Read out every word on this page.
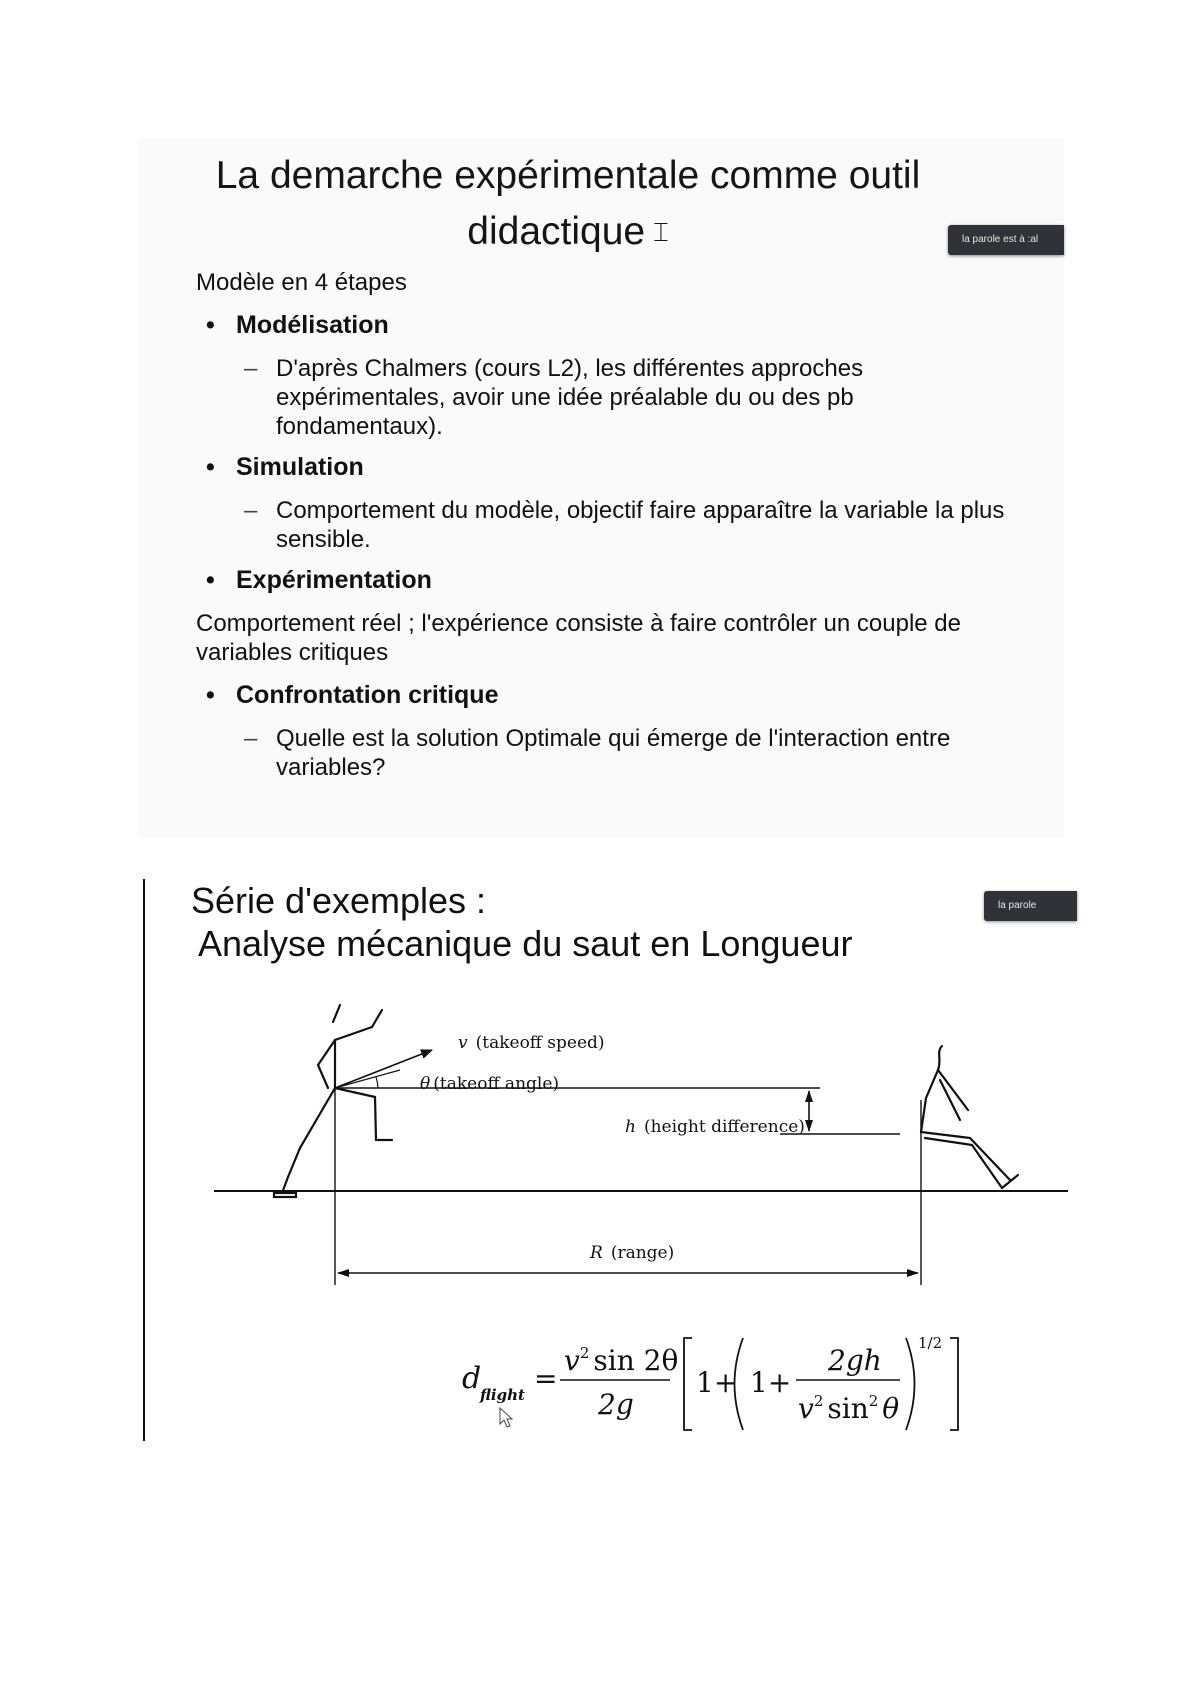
La demarche expérimentale comme outil
didactique ⌶	la parole est à :al
Modèle en 4 étapes
• Modélisation
– D'après Chalmers (cours L2), les différentes approches
expérimentales, avoir une idée préalable du ou des pb
fondamentaux).
• Simulation
– Comportement du modèle, objectif faire apparaître la variable la plus
sensible.
• Expérimentation
Comportement réel ; l'expérience consiste à faire contrôler un couple de
variables critiques
• Confrontation critique
– Quelle est la solution Optimale qui émerge de l'interaction entre
variables?
Série d'exemples :
Analyse mécanique du saut en Longueur
la parole
v (takeoff speed)
θ (takeoff angle)
h (height difference)
R (range)
d
flight =
$v^2$ sin 2θ
2g
1+ 1+
2gh
$v^2$ $\sin^2 \theta$
1/2
